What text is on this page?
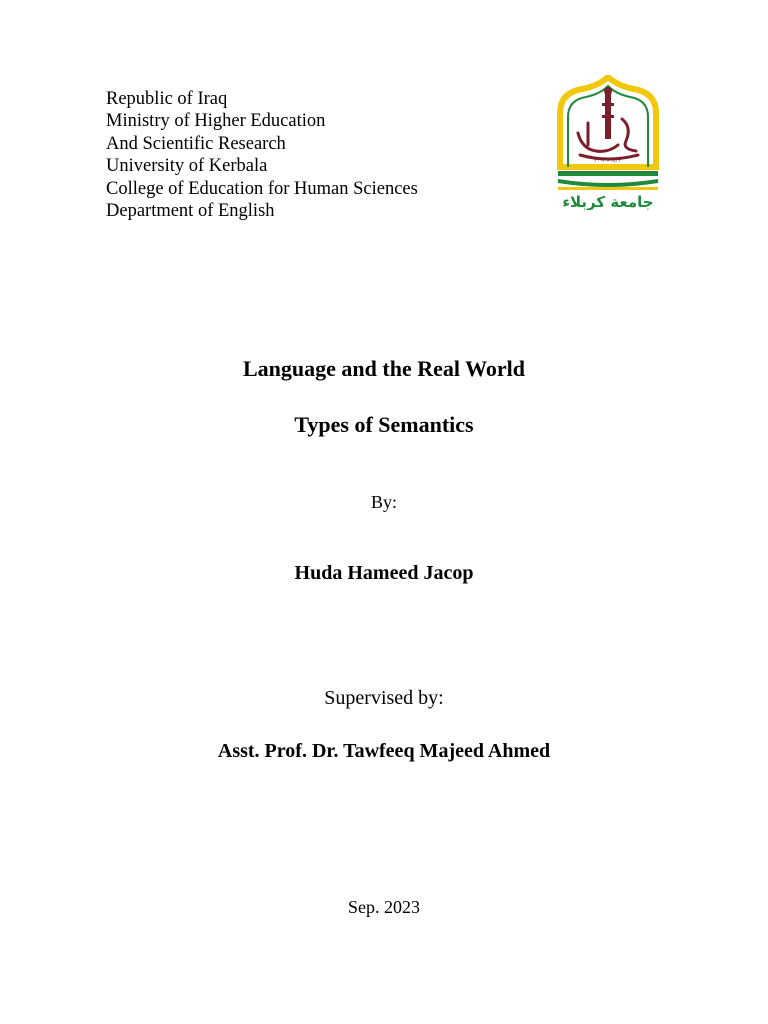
Republic of Iraq
Ministry of Higher Education
And Scientific Research
University of Kerbala
College of Education for Human Sciences
Department of English
١٤٢٣ - ٢٠٠٢
جامعة كربلاء
Language and the Real World
Types of Semantics
By:
Huda Hameed Jacop
Supervised by:
Asst. Prof. Dr. Tawfeeq Majeed Ahmed
Sep. 2023
